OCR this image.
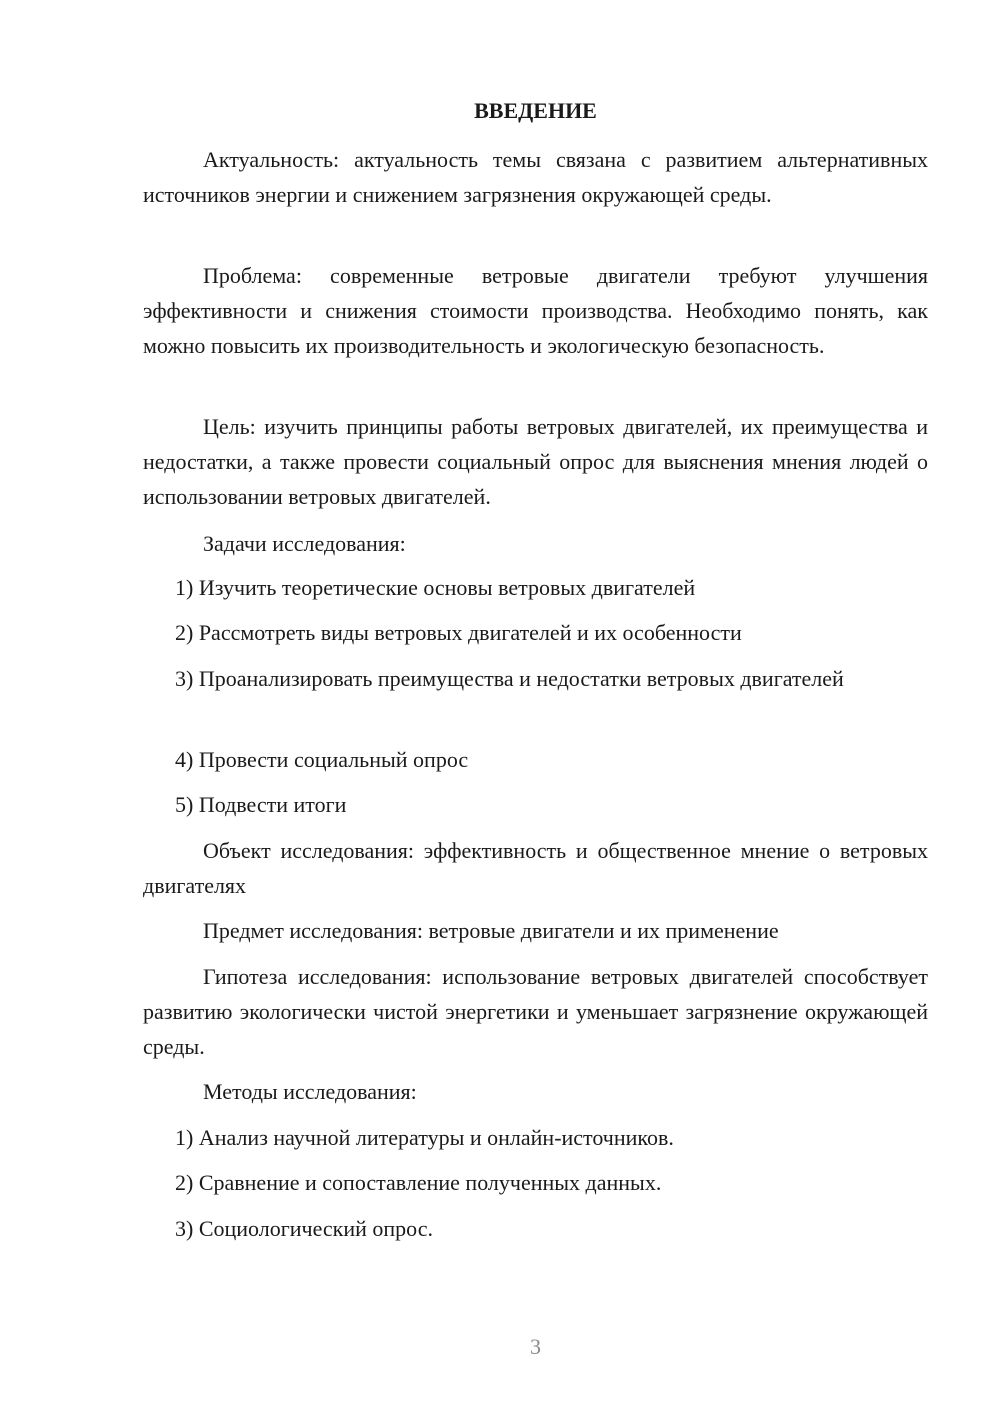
ВВЕДЕНИЕ

Актуальность: актуальность темы связана с развитием альтернативных источников энергии и снижением загрязнения окружающей среды.

Проблема: современные ветровые двигатели требуют улучшения эффективности и снижения стоимости производства. Необходимо понять, как можно повысить их производительность и экологическую безопасность.

Цель: изучить принципы работы ветровых двигателей, их преимущества и недостатки, а также провести социальный опрос для выяснения мнения людей о использовании ветровых двигателей.

Задачи исследования:

1) Изучить теоретические основы ветровых двигателей

2) Рассмотреть виды ветровых двигателей и их особенности

3) Проанализировать преимущества и недостатки ветровых двигателей

4) Провести социальный опрос

5) Подвести итоги

Объект исследования: эффективность и общественное мнение о ветровых двигателях

Предмет исследования: ветровые двигатели и их применение

Гипотеза исследования: использование ветровых двигателей способствует развитию экологически чистой энергетики и уменьшает загрязнение окружающей среды.

Методы исследования:

1) Анализ научной литературы и онлайн-источников.

2) Сравнение и сопоставление полученных данных.

3) Социологический опрос.

3
